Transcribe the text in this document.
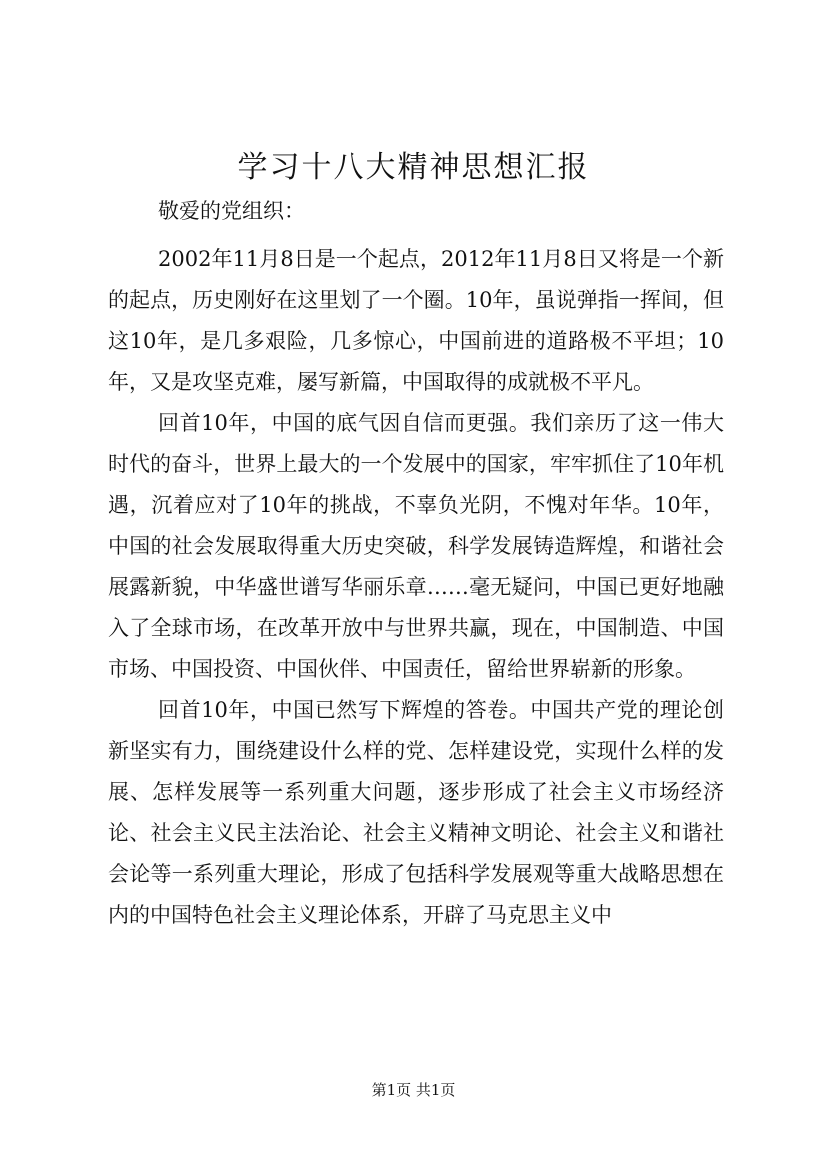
学习十八大精神思想汇报

敬爱的党组织：

2002年11月8日是一个起点，2012年11月8日又将是一个新的起点，历史刚好在这里划了一个圈。10年，虽说弹指一挥间，但这10年，是几多艰险，几多惊心，中国前进的道路极不平坦；10年，又是攻坚克难，屡写新篇，中国取得的成就极不平凡。

回首10年，中国的底气因自信而更强。我们亲历了这一伟大时代的奋斗，世界上最大的一个发展中的国家，牢牢抓住了10年机遇，沉着应对了10年的挑战，不辜负光阴，不愧对年华。10年，中国的社会发展取得重大历史突破，科学发展铸造辉煌，和谐社会展露新貌，中华盛世谱写华丽乐章……毫无疑问，中国已更好地融入了全球市场，在改革开放中与世界共赢，现在，中国制造、中国市场、中国投资、中国伙伴、中国责任，留给世界崭新的形象。

回首10年，中国已然写下辉煌的答卷。中国共产党的理论创新坚实有力，围绕建设什么样的党、怎样建设党，实现什么样的发展、怎样发展等一系列重大问题，逐步形成了社会主义市场经济论、社会主义民主法治论、社会主义精神文明论、社会主义和谐社会论等一系列重大理论，形成了包括科学发展观等重大战略思想在内的中国特色社会主义理论体系，开辟了马克思主义中

第1页 共1页
